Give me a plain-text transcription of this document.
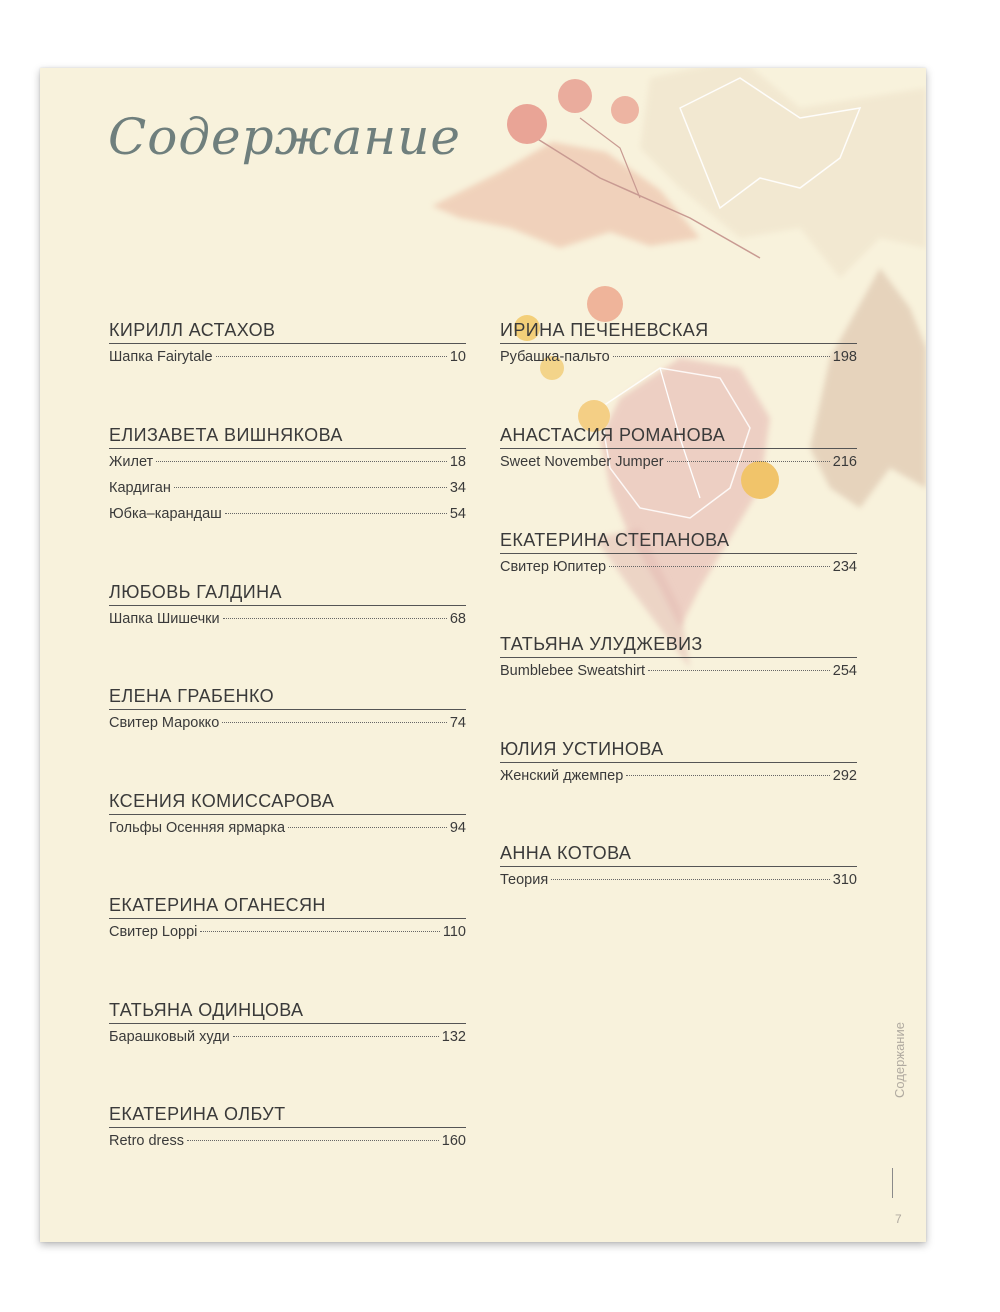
Содержание
КИРИЛЛ АСТАХОВ
Шапка Fairytale	10
ЕЛИЗАВЕТА ВИШНЯКОВА
Жилет	18
Кардиган	34
Юбка–карандаш	54
ЛЮБОВЬ ГАЛДИНА
Шапка Шишечки	68
ЕЛЕНА ГРАБЕНКО
Свитер Марокко	74
КСЕНИЯ КОМИССАРОВА
Гольфы Осенняя ярмарка	94
ЕКАТЕРИНА ОГАНЕСЯН
Свитер Loppi	110
ТАТЬЯНА ОДИНЦОВА
Барашковый худи	132
ЕКАТЕРИНА ОЛБУТ
Retro dress	160
ИРИНА ПЕЧЕНЕВСКАЯ
Рубашка-пальто	198
АНАСТАСИЯ РОМАНОВА
Sweet November Jumper	216
ЕКАТЕРИНА СТЕПАНОВА
Свитер Юпитер	234
ТАТЬЯНА УЛУДЖЕВИЗ
Bumblebee Sweatshirt	254
ЮЛИЯ УСТИНОВА
Женский джемпер	292
АННА КОТОВА
Теория	310
Содержание
7
